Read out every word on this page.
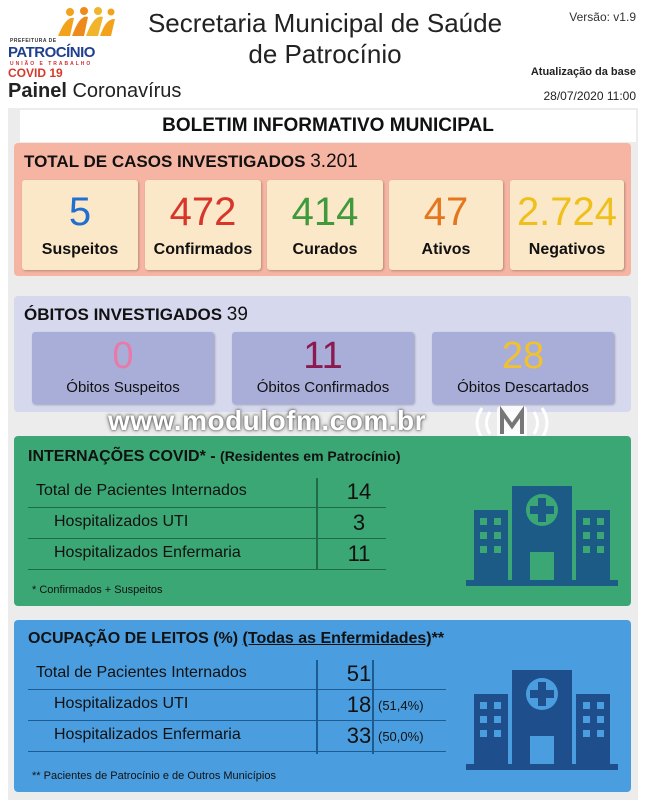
PREFEITURA DE
PATROCÍNIO
UNIÃO E TRABALHO
COVID 19
Painel Coronavírus
Secretaria Municipal de Saúde
de Patrocínio
Versão: v1.9
Atualização da base
28/07/2020 11:00
BOLETIM INFORMATIVO MUNICIPAL
TOTAL DE CASOS INVESTIGADOS 3.201
5
Suspeitos
472
Confirmados
414
Curados
47
Ativos
2.724
Negativos
ÓBITOS INVESTIGADOS 39
0
Óbitos Suspeitos
11
Óbitos Confirmados
28
Óbitos Descartados
www.modulofm.com.br
INTERNAÇÕES COVID* - (Residentes em Patrocínio)
Total de Pacientes Internados	14
Hospitalizados UTI	3
Hospitalizados Enfermaria	11
* Confirmados + Suspeitos
OCUPAÇÃO DE LEITOS (%) (Todas as Enfermidades)**
Total de Pacientes Internados	51
Hospitalizados UTI	18 (51,4%)
Hospitalizados Enfermaria	33 (50,0%)
** Pacientes de Patrocínio e de Outros Municípios
